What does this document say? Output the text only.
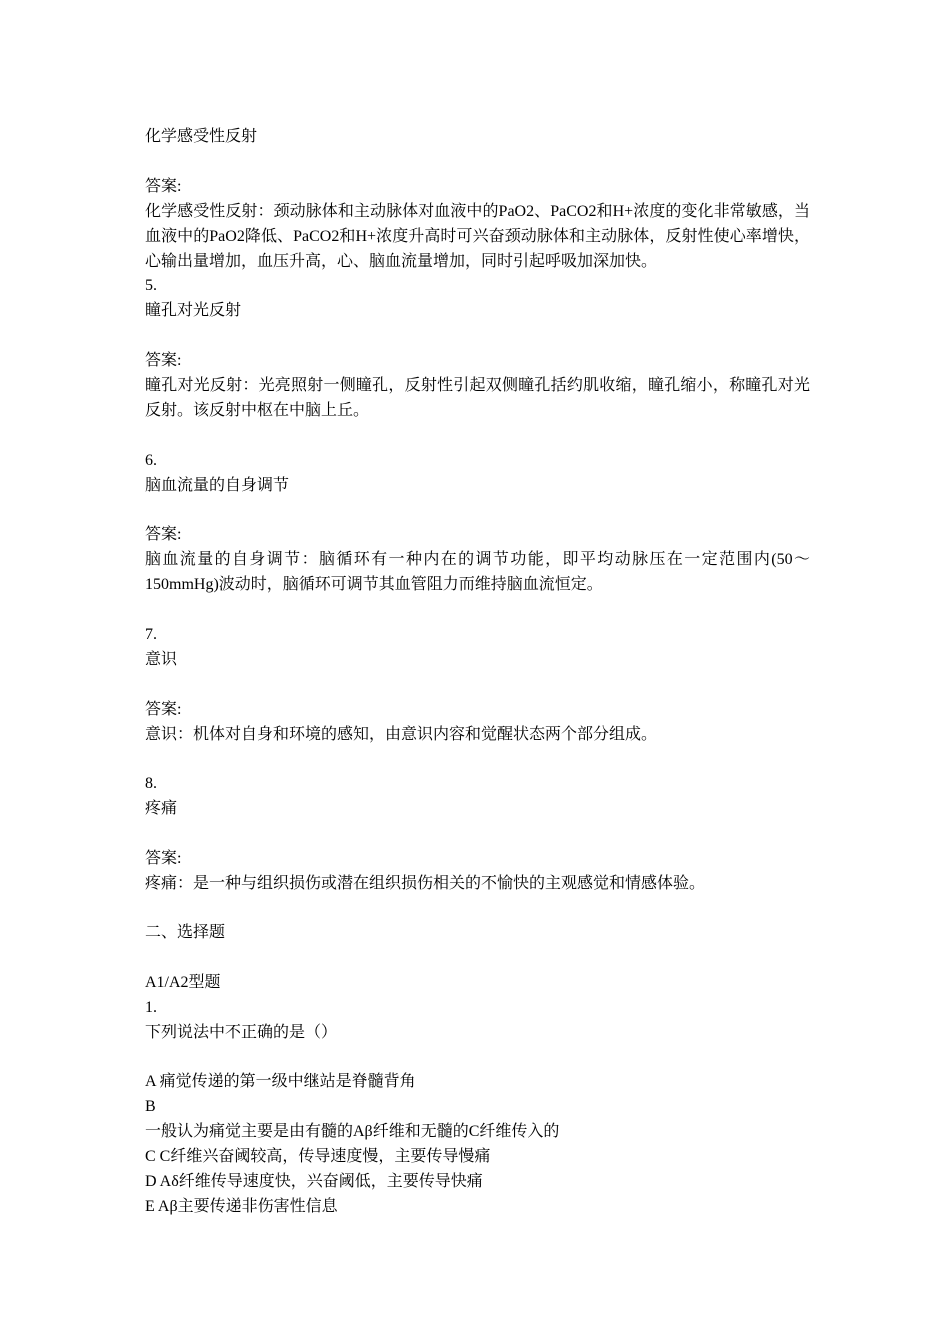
化学感受性反射
答案:
化学感受性反射：颈动脉体和主动脉体对血液中的PaO2、PaCO2和H+浓度的变化非常敏感，当血液中的PaO2降低、PaCO2和H+浓度升高时可兴奋颈动脉体和主动脉体，反射性使心率增快，心输出量增加，血压升高，心、脑血流量增加，同时引起呼吸加深加快。
5.
瞳孔对光反射
答案:
瞳孔对光反射：光亮照射一侧瞳孔，反射性引起双侧瞳孔括约肌收缩，瞳孔缩小，称瞳孔对光反射。该反射中枢在中脑上丘。
6.
脑血流量的自身调节
答案:
脑血流量的自身调节：脑循环有一种内在的调节功能，即平均动脉压在一定范围内(50～150mmHg)波动时，脑循环可调节其血管阻力而维持脑血流恒定。
7.
意识
答案:
意识：机体对自身和环境的感知，由意识内容和觉醒状态两个部分组成。
8.
疼痛
答案:
疼痛：是一种与组织损伤或潜在组织损伤相关的不愉快的主观感觉和情感体验。
二、选择题
A1/A2型题
1.
下列说法中不正确的是（）
A 痛觉传递的第一级中继站是脊髓背角
B
一般认为痛觉主要是由有髓的Aβ纤维和无髓的C纤维传入的
C C纤维兴奋阈较高，传导速度慢，主要传导慢痛
D Aδ纤维传导速度快，兴奋阈低，主要传导快痛
E Aβ主要传递非伤害性信息
